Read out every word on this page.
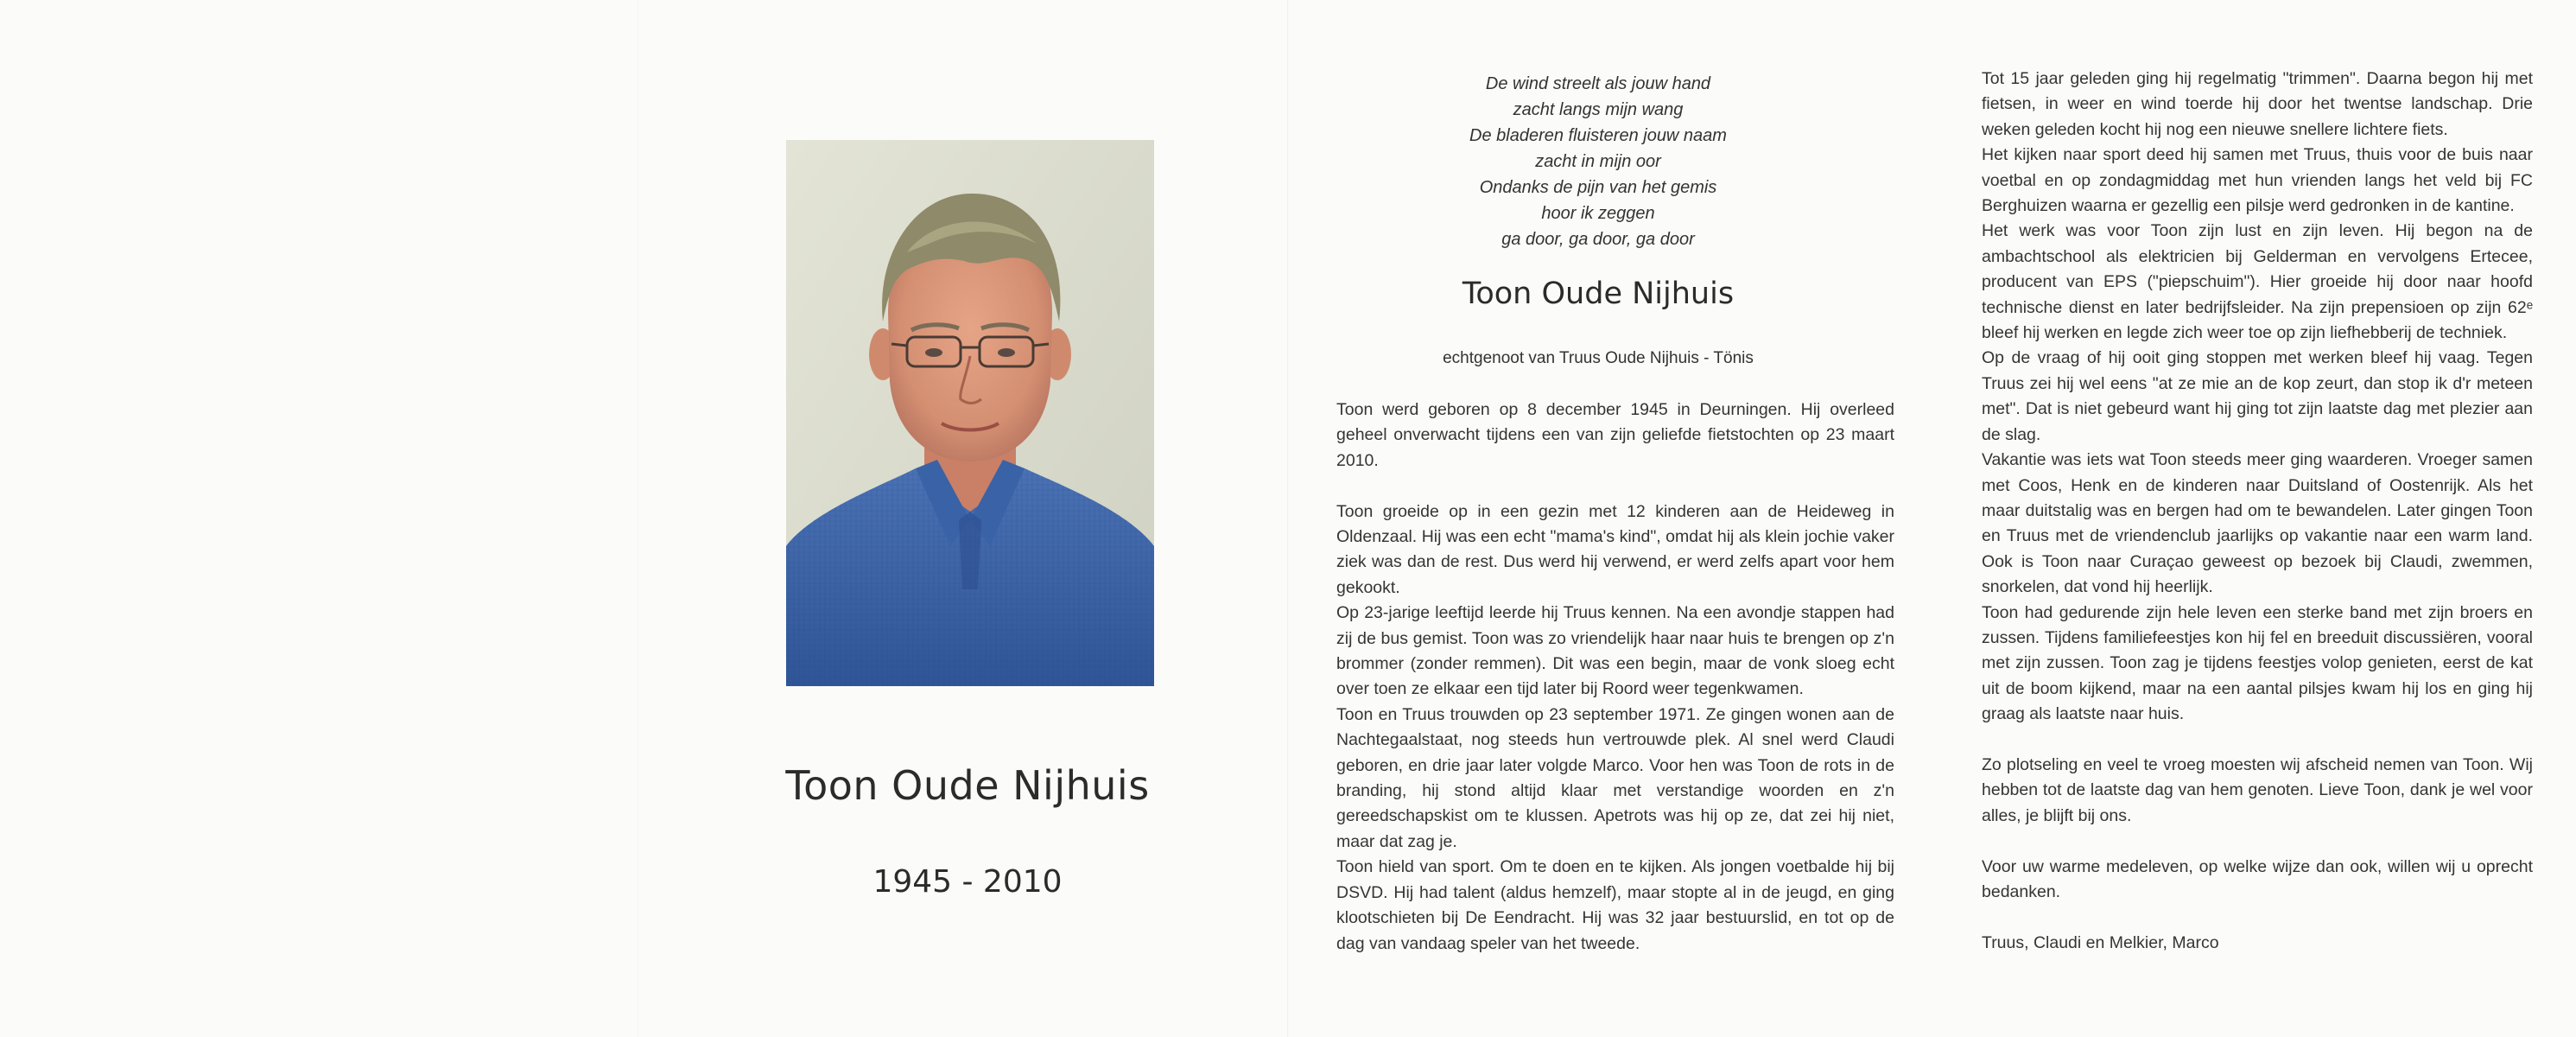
Toon Oude Nijhuis
1945 - 2010
De wind streelt als jouw hand
zacht langs mijn wang
De bladeren fluisteren jouw naam
zacht in mijn oor
Ondanks de pijn van het gemis
hoor ik zeggen
ga door, ga door, ga door
Toon Oude Nijhuis
echtgenoot van Truus Oude Nijhuis - Tönis

Toon werd geboren op 8 december 1945 in Deurningen. Hij overleed geheel onverwacht tijdens een van zijn geliefde fietstochten op 23 maart 2010.

Toon groeide op in een gezin met 12 kinderen aan de Heideweg in Oldenzaal. Hij was een echt "mama's kind", omdat hij als klein jochie vaker ziek was dan de rest. Dus werd hij verwend, er werd zelfs apart voor hem gekookt.

Op 23-jarige leeftijd leerde hij Truus kennen. Na een avondje stappen had zij de bus gemist. Toon was zo vriendelijk haar naar huis te brengen op z'n brommer (zonder remmen). Dit was een begin, maar de vonk sloeg echt over toen ze elkaar een tijd later bij Roord weer tegenkwamen.

Toon en Truus trouwden op 23 september 1971. Ze gingen wonen aan de Nachtegaalstaat, nog steeds hun vertrouwde plek. Al snel werd Claudi geboren, en drie jaar later volgde Marco. Voor hen was Toon de rots in de branding, hij stond altijd klaar met verstandige woorden en z'n gereedschapskist om te klussen. Apetrots was hij op ze, dat zei hij niet, maar dat zag je.

Toon hield van sport. Om te doen en te kijken. Als jongen voetbalde hij bij DSVD. Hij had talent (aldus hemzelf), maar stopte al in de jeugd, en ging klootschieten bij De Eendracht. Hij was 32 jaar bestuurslid, en tot op de dag van vandaag speler van het tweede.

Tot 15 jaar geleden ging hij regelmatig "trimmen". Daarna begon hij met fietsen, in weer en wind toerde hij door het twentse landschap. Drie weken geleden kocht hij nog een nieuwe snellere lichtere fiets.

Het kijken naar sport deed hij samen met Truus, thuis voor de buis naar voetbal en op zondagmiddag met hun vrienden langs het veld bij FC Berghuizen waarna er gezellig een pilsje werd gedronken in de kantine.

Het werk was voor Toon zijn lust en zijn leven. Hij begon na de ambachtschool als elektricien bij Gelderman en vervolgens Ertecee, producent van EPS ("piepschuim"). Hier groeide hij door naar hoofd technische dienst en later bedrijfsleider. Na zijn prepensioen op zijn 62ᵉ bleef hij werken en legde zich weer toe op zijn liefhebberij de techniek.

Op de vraag of hij ooit ging stoppen met werken bleef hij vaag. Tegen Truus zei hij wel eens "at ze mie an de kop zeurt, dan stop ik d'r meteen met". Dat is niet gebeurd want hij ging tot zijn laatste dag met plezier aan de slag.

Vakantie was iets wat Toon steeds meer ging waarderen. Vroeger samen met Coos, Henk en de kinderen naar Duitsland of Oostenrijk. Als het maar duitstalig was en bergen had om te bewandelen. Later gingen Toon en Truus met de vriendenclub jaarlijks op vakantie naar een warm land. Ook is Toon naar Curaçao geweest op bezoek bij Claudi, zwemmen, snorkelen, dat vond hij heerlijk.

Toon had gedurende zijn hele leven een sterke band met zijn broers en zussen. Tijdens familiefeestjes kon hij fel en breeduit discussiëren, vooral met zijn zussen. Toon zag je tijdens feestjes volop genieten, eerst de kat uit de boom kijkend, maar na een aantal pilsjes kwam hij los en ging hij graag als laatste naar huis.

Zo plotseling en veel te vroeg moesten wij afscheid nemen van Toon. Wij hebben tot de laatste dag van hem genoten. Lieve Toon, dank je wel voor alles, je blijft bij ons.

Voor uw warme medeleven, op welke wijze dan ook, willen wij u oprecht bedanken.

Truus, Claudi en Melkier, Marco
